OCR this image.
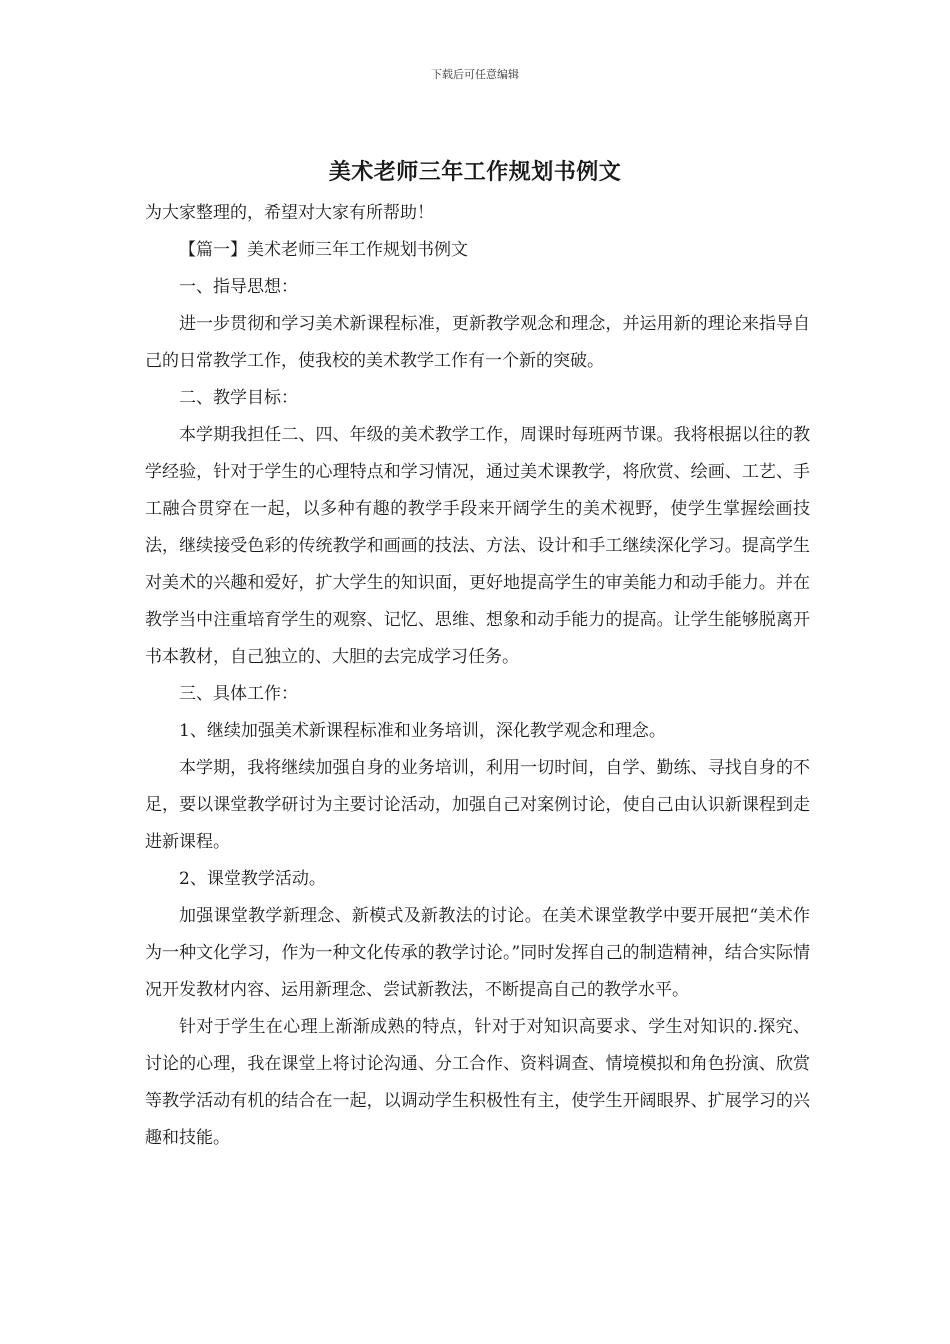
下载后可任意编辑
美术老师三年工作规划书例文

为大家整理的，希望对大家有所帮助！

【篇一】美术老师三年工作规划书例文

一、指导思想：

进一步贯彻和学习美术新课程标准，更新教学观念和理念，并运用新的理论来指导自己的日常教学工作，使我校的美术教学工作有一个新的突破。

二、教学目标：

本学期我担任二、四、年级的美术教学工作，周课时每班两节课。我将根据以往的教学经验，针对于学生的心理特点和学习情况，通过美术课教学，将欣赏、绘画、工艺、手工融合贯穿在一起，以多种有趣的教学手段来开阔学生的美术视野，使学生掌握绘画技法，继续接受色彩的传统教学和画画的技法、方法、设计和手工继续深化学习。提高学生对美术的兴趣和爱好，扩大学生的知识面，更好地提高学生的审美能力和动手能力。并在教学当中注重培育学生的观察、记忆、思维、想象和动手能力的提高。让学生能够脱离开书本教材，自己独立的、大胆的去完成学习任务。

三、具体工作：

1、继续加强美术新课程标准和业务培训，深化教学观念和理念。

本学期，我将继续加强自身的业务培训，利用一切时间，自学、勤练、寻找自身的不足，要以课堂教学研讨为主要讨论活动，加强自己对案例讨论，使自己由认识新课程到走进新课程。

2、课堂教学活动。

加强课堂教学新理念、新模式及新教法的讨论。在美术课堂教学中要开展把“美术作为一种文化学习，作为一种文化传承的教学讨论。”同时发挥自己的制造精神，结合实际情况开发教材内容、运用新理念、尝试新教法，不断提高自己的教学水平。

针对于学生在心理上渐渐成熟的特点，针对于对知识高要求、学生对知识的.探究、讨论的心理，我在课堂上将讨论沟通、分工合作、资料调查、情境模拟和角色扮演、欣赏等教学活动有机的结合在一起，以调动学生积极性有主，使学生开阔眼界、扩展学习的兴趣和技能。
